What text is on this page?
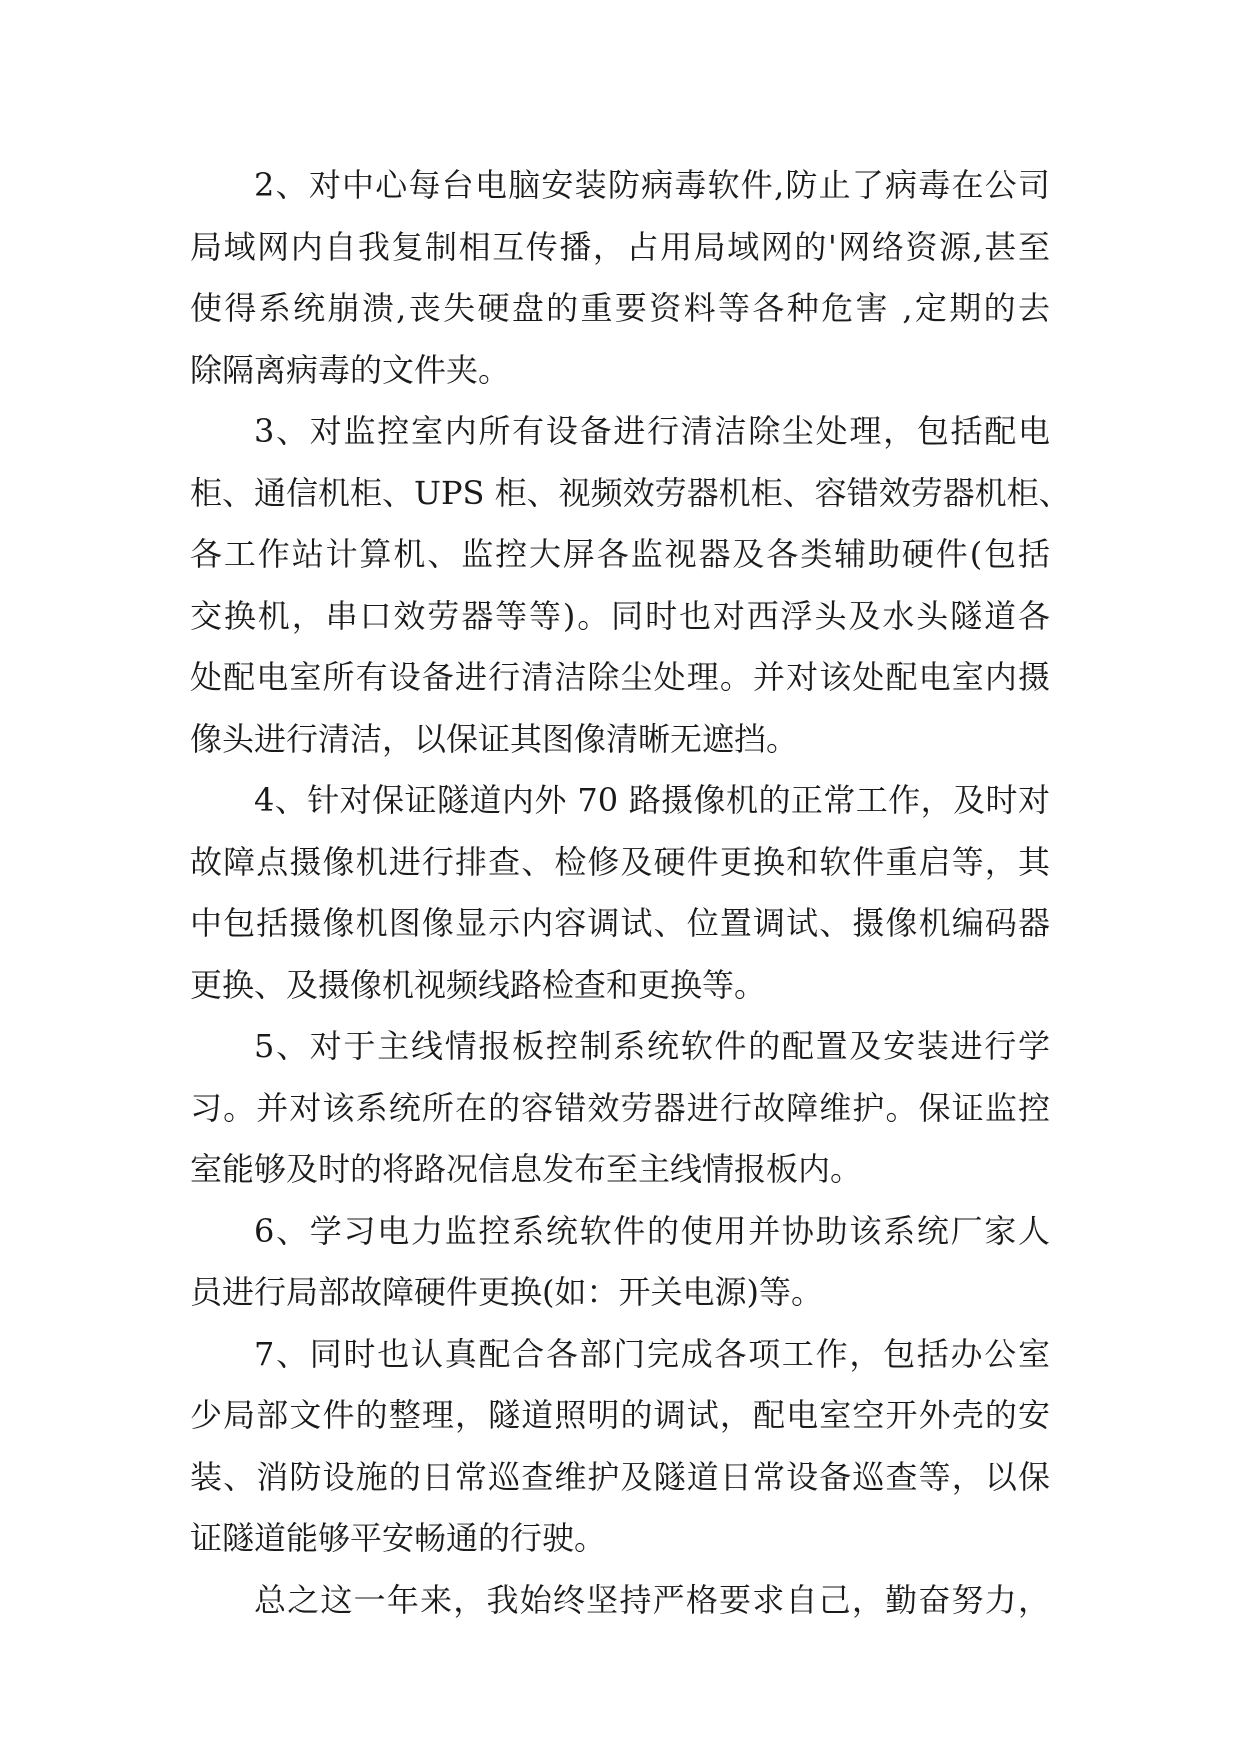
2、对中心每台电脑安装防病毒软件,防止了病毒在公司
局域网内自我复制相互传播，占用局域网的'网络资源,甚至
使得系统崩溃,丧失硬盘的重要资料等各种危害 ,定期的去
除隔离病毒的文件夹。
3、对监控室内所有设备进行清洁除尘处理，包括配电
柜、通信机柜、UPS 柜、视频效劳器机柜、容错效劳器机柜、
各工作站计算机、监控大屏各监视器及各类辅助硬件(包括
交换机，串口效劳器等等)。同时也对西浮头及水头隧道各
处配电室所有设备进行清洁除尘处理。并对该处配电室内摄
像头进行清洁，以保证其图像清晰无遮挡。
4、针对保证隧道内外 70 路摄像机的正常工作，及时对
故障点摄像机进行排查、检修及硬件更换和软件重启等，其
中包括摄像机图像显示内容调试、位置调试、摄像机编码器
更换、及摄像机视频线路检查和更换等。
5、对于主线情报板控制系统软件的配置及安装进行学
习。并对该系统所在的容错效劳器进行故障维护。保证监控
室能够及时的将路况信息发布至主线情报板内。
6、学习电力监控系统软件的使用并协助该系统厂家人
员进行局部故障硬件更换(如：开关电源)等。
7、同时也认真配合各部门完成各项工作，包括办公室
少局部文件的整理，隧道照明的调试，配电室空开外壳的安
装、消防设施的日常巡查维护及隧道日常设备巡查等，以保
证隧道能够平安畅通的行驶。
总之这一年来，我始终坚持严格要求自己，勤奋努力，
